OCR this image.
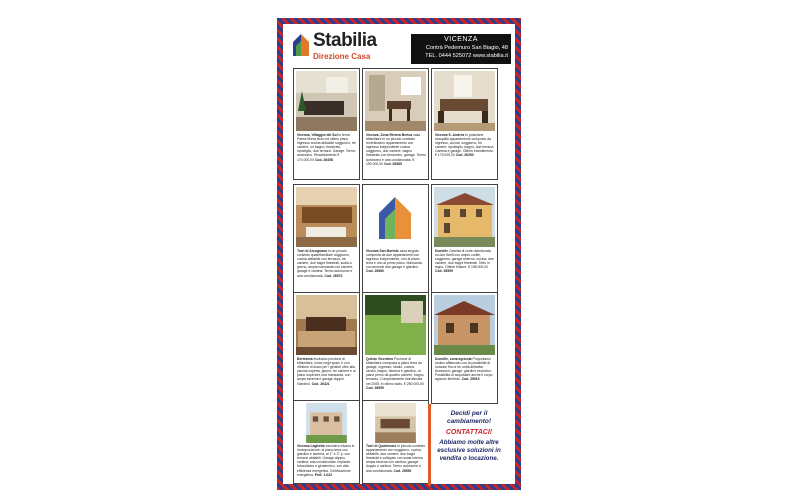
Stabilia
Direzione Casa
VICENZA
Contrà Pedemuro San Biagio, 48
TEL. 0444 525072 www.stabilia.it
Vicenza, Villaggio del Sol in tema Paese libera terzo ed ultimo piano ingresso cucina abitabile soggiorno, tre camere, un bagno, finestrato, ripostiglio, due terrazzi. Garage. Termo autonomo. Riscaldamento € 170.000,00 Cod. 26458
Vicenza, Zona Riviera Berica casa bifamiliare in un piccolo contesto recentissimo appartamento con ingresso indipendente cucina soggiorno, due camere, bagno finestrato con terrazzino, garage. Termo autonomo e aria condizionata. € 190.000,00 Cod. 26585
Vicenza S. Andrea In posizione tranquilla appartamento composto da ingresso, cucina, soggiorno, tre camere, ripostiglio, bagno, due terrazzi. Cantina e garage. Ottimo investimento. € 175.000,00 Cod. 26250
Torri di Arcugnano in un piccolo contesto quadrifamiliare soggiorno, cucina abitabile con terrazzo, tre camere, due bagni finestrati, scala a giorno, ampia mansarda con camere, garage e cantina. Termo autonomo e aria condizionata. Cod. 26573
Vicenza San Bortolo casa singola composta da due appartamenti con ingresso indipendente, uno al piano terra e uno al primo piano. Mansarda, con annessi due garage e giardino. Cod. 26580
Dueville Casetta di corte ristrutturata su due livelli con ampio cortile, soggiorno, garage esterno, cucina, due camere, due bagni finestrati. Tetto in legno. Ottime finiture. € 198.000,00 Cod. 26599
Bertesina esclusiva porzione di bifamiliare, unica negli spazi, e con rifiniture di lusso per i genitori oltre alla piscina coperta, giorno, tre camere e al piano superiore una mansarda, con ampio taverna e garage doppio. Giardino. Cod. 26421
Quinto Vicentino Porzione di bifamiliare composta a piano terra da garage, ingresso, studio, cucina, servizi, bagno, taverna e giardino; al piano primo da quattro camere, bagno, terrazzo. Completamente ristrutturata nel 2005, in ottimo stato. € 250.000,00 Cod. 26959
Dueville, zona agricola Proponiamo rustico affiancato con la possibilità di ricavare fino a tre unità abitative. Accessori, garage, giardino esclusivo. Possibilità di acquistare anche il corpo agricolo limitrofo. Cod. 25915
Vicenza Laghetto esclusivo trivano in ricomposizione, al piano terra con giardino e taverna, al 1° e 2° p. con terrazzi abitabili. Garage doppio, cantina, aria condizionata. Impianto fotovoltaico e geotermico, con alta efficienza energetica. Certificazione energetica. Prof. 1-023
Torri di Quartesolo in piccolo contesto appartamento con soggiorno, cucina abitabile, due camere, due bagni finestrati e collegato con scala interna ampia taverna con cantina, garage doppio e cantina. Termo autonomo e aria condizionata. Cod. 26550
Decidi per il cambiamento!
CONTATTACI!
Abbiamo molte altre esclusive soluzioni in vendita o locazione.
